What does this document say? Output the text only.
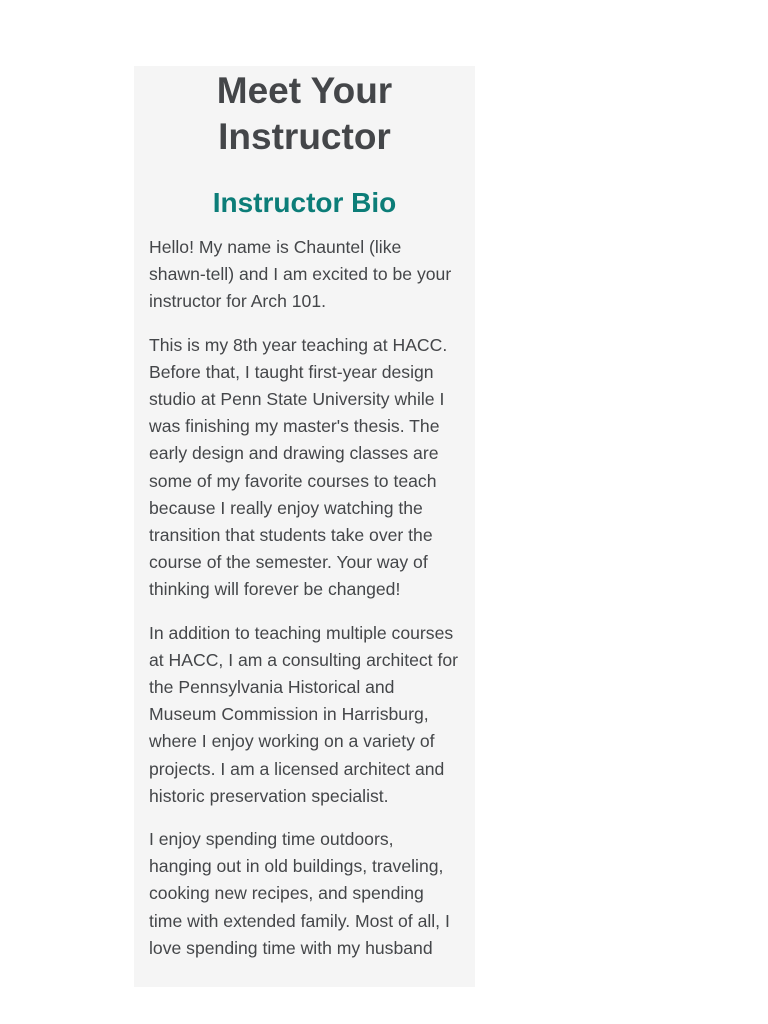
Meet Your Instructor
Instructor Bio

Hello! My name is Chauntel (like shawn-tell) and I am excited to be your instructor for Arch 101.

This is my 8th year teaching at HACC. Before that, I taught first-year design studio at Penn State University while I was finishing my master's thesis. The early design and drawing classes are some of my favorite courses to teach because I really enjoy watching the transition that students take over the course of the semester. Your way of thinking will forever be changed!

In addition to teaching multiple courses at HACC, I am a consulting architect for the Pennsylvania Historical and Museum Commission in Harrisburg, where I enjoy working on a variety of projects. I am a licensed architect and historic preservation specialist.

I enjoy spending time outdoors, hanging out in old buildings, traveling, cooking new recipes, and spending time with extended family. Most of all, I love spending time with my husband
